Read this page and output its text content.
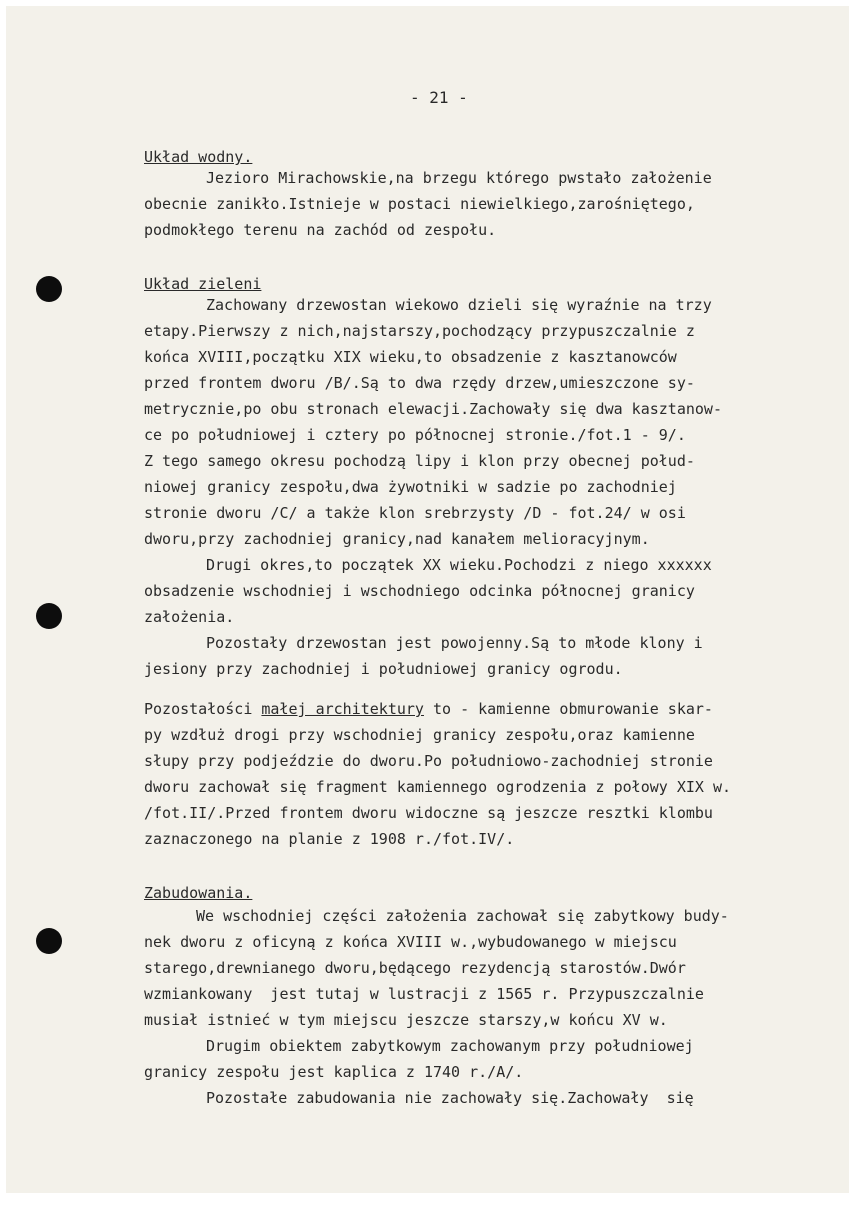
- 21 -
Układ wodny.
Jezioro Mirachowskie,na brzegu którego pwstało założenie
obecnie zanikło.Istnieje w postaci niewielkiego,zarośniętego,
podmokłego terenu na zachód od zespołu.
Układ zieleni
Zachowany drzewostan wiekowo dzieli się wyraźnie na trzy
etapy.Pierwszy z nich,najstarszy,pochodzący przypuszczalnie z
końca XVIII,początku XIX wieku,to obsadzenie z kasztanowców
przed frontem dworu /B/.Są to dwa rzędy drzew,umieszczone sy-
metrycznie,po obu stronach elewacji.Zachowały się dwa kasztanow-
ce po południowej i cztery po północnej stronie./fot.1 - 9/.
Z tego samego okresu pochodzą lipy i klon przy obecnej połud-
niowej granicy zespołu,dwa żywotniki w sadzie po zachodniej
stronie dworu /C/ a także klon srebrzysty /D - fot.24/ w osi
dworu,przy zachodniej granicy,nad kanałem melioracyjnym.
Drugi okres,to początek XX wieku.Pochodzi z niego xxxxxx
obsadzenie wschodniej i wschodniego odcinka północnej granicy
założenia.
Pozostały drzewostan jest powojenny.Są to młode klony i
jesiony przy zachodniej i południowej granicy ogrodu.
Pozostałości małej architektury to - kamienne obmurowanie skar-
py wzdłuż drogi przy wschodniej granicy zespołu,oraz kamienne
słupy przy podjeździe do dworu.Po południowo-zachodniej stronie
dworu zachował się fragment kamiennego ogrodzenia z połowy XIX w.
/fot.II/.Przed frontem dworu widoczne są jeszcze resztki klombu
zaznaczonego na planie z 1908 r./fot.IV/.
Zabudowania.
We wschodniej części założenia zachował się zabytkowy budy-
nek dworu z oficyną z końca XVIII w.,wybudowanego w miejscu
starego,drewnianego dworu,będącego rezydencją starostów.Dwór
wzmiankowany  jest tutaj w lustracji z 1565 r. Przypuszczalnie
musiał istnieć w tym miejscu jeszcze starszy,w końcu XV w.
Drugim obiektem zabytkowym zachowanym przy południowej
granicy zespołu jest kaplica z 1740 r./A/.
Pozostałe zabudowania nie zachowały się.Zachowały  się
